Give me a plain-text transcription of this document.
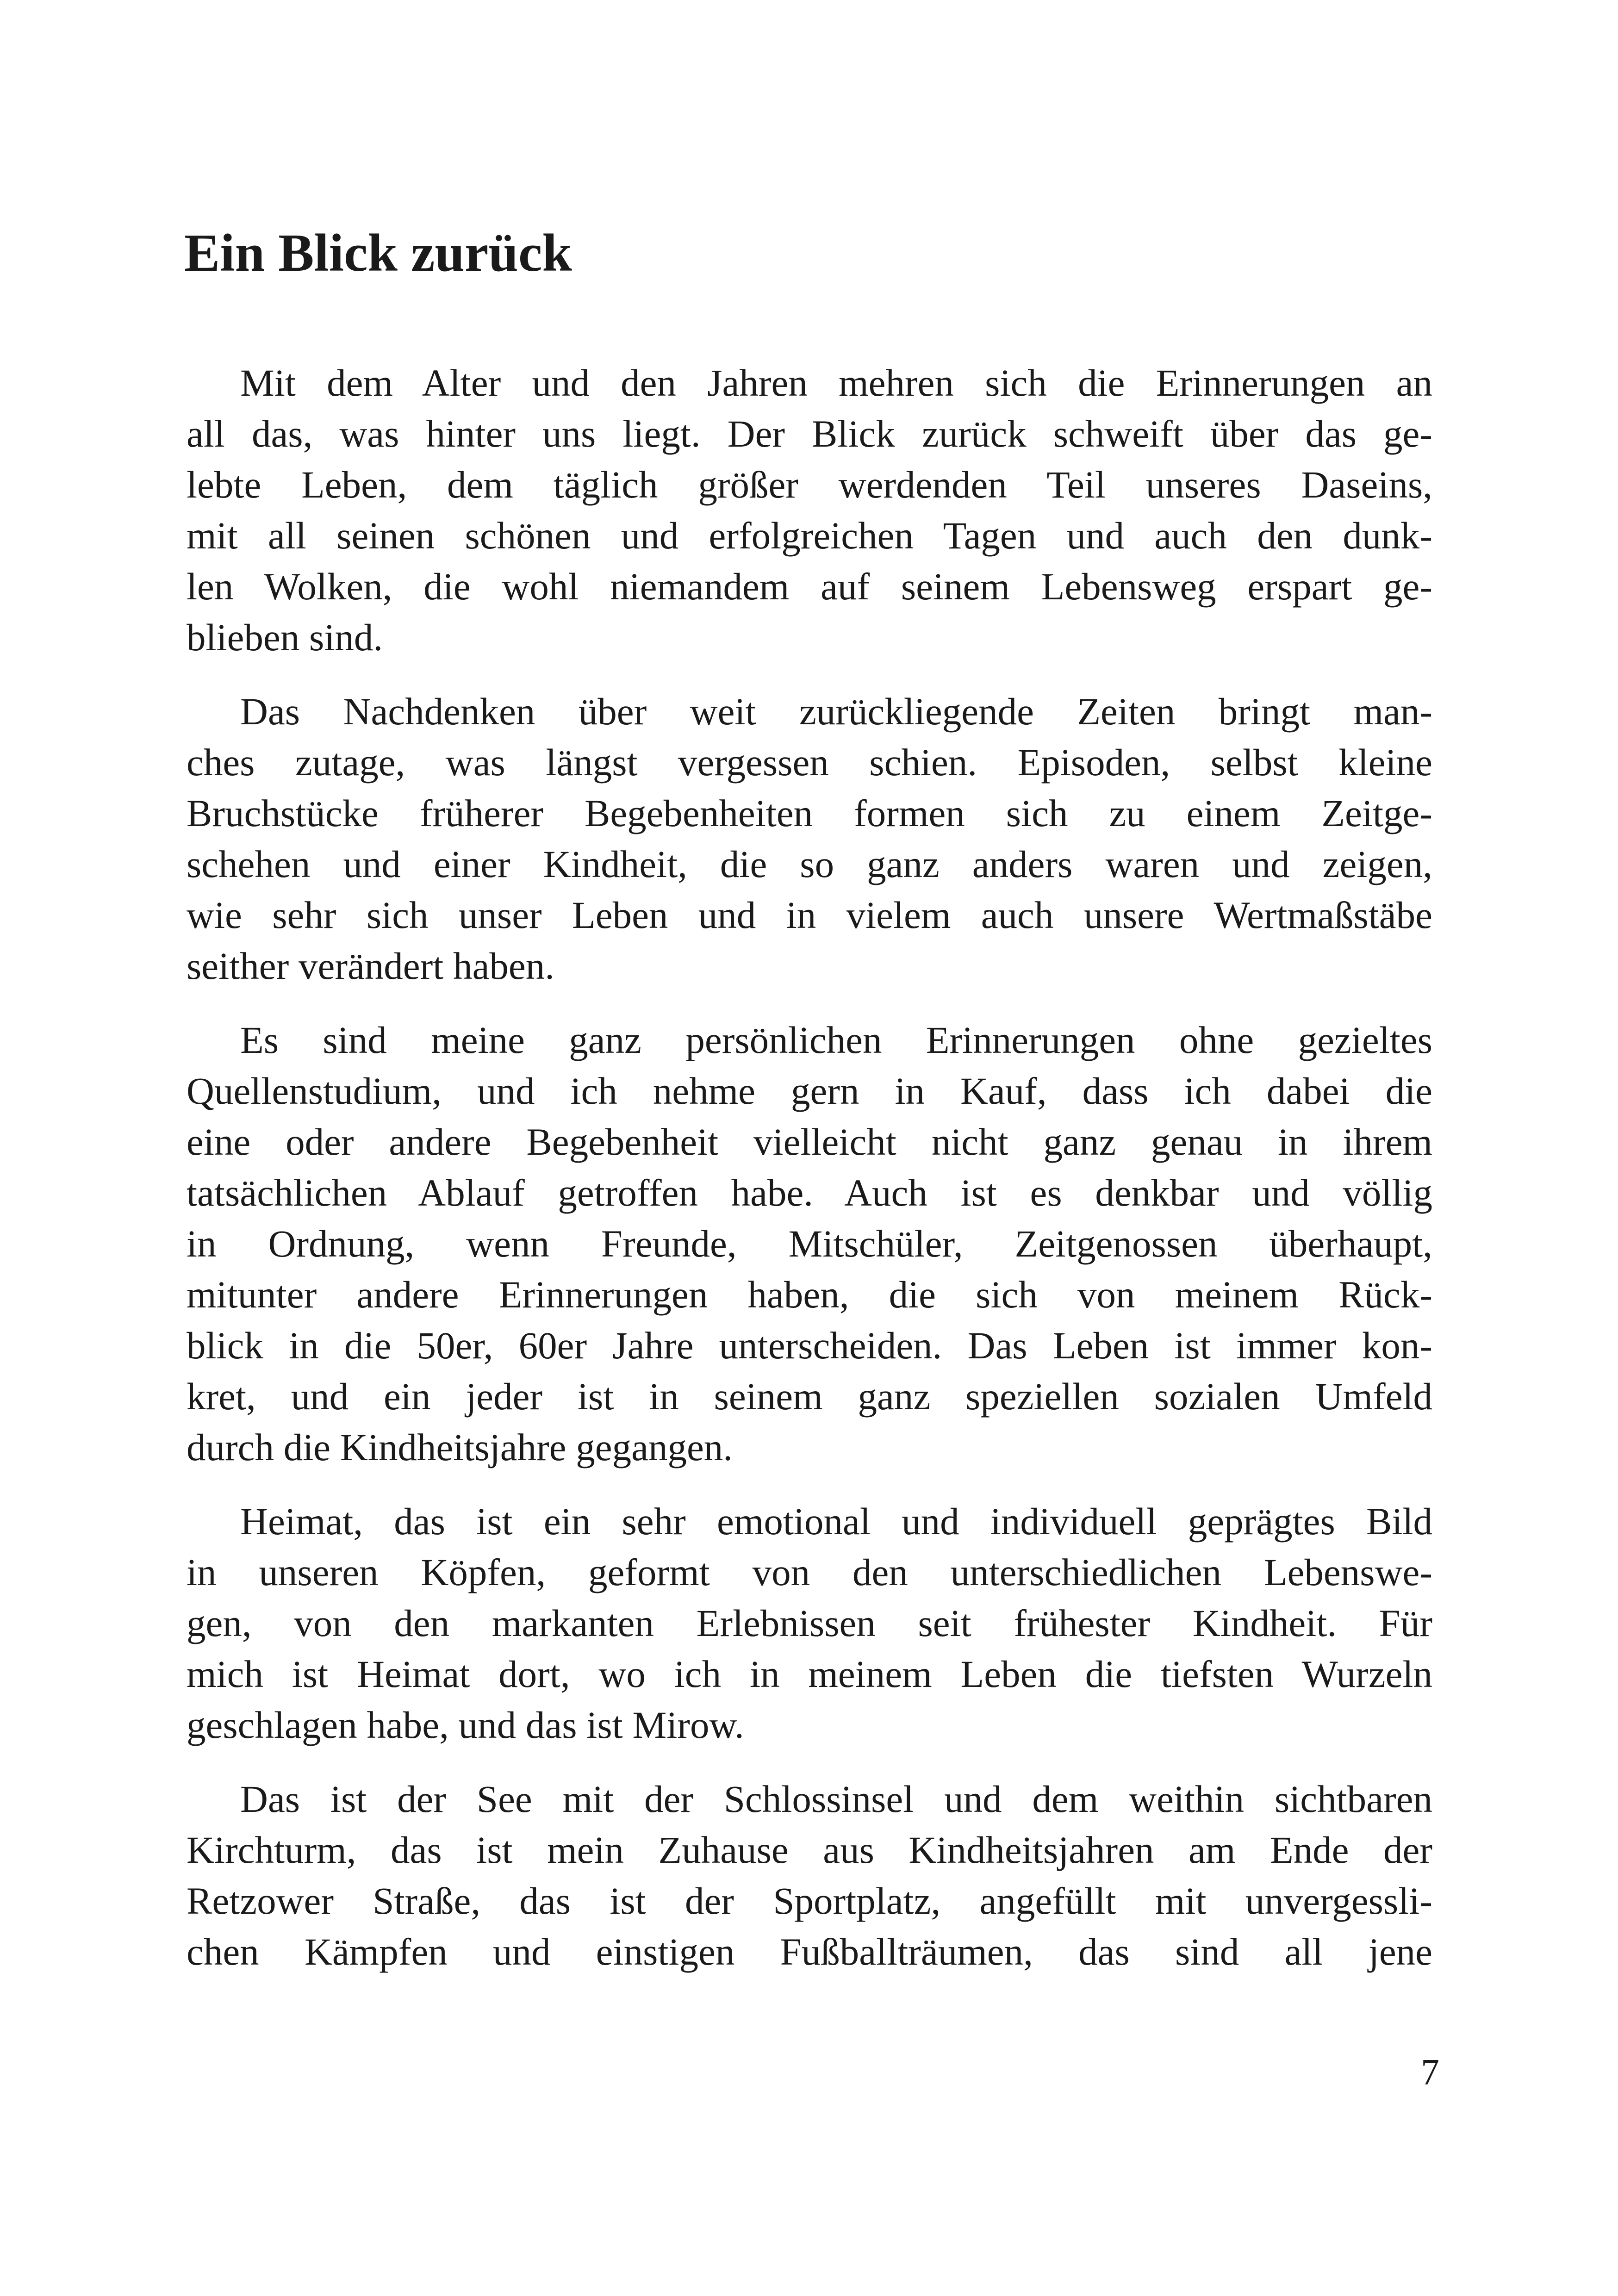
Ein Blick zurück

Mit dem Alter und den Jahren mehren sich die Erinnerungen an
all das, was hinter uns liegt. Der Blick zurück schweift über das ge-
lebte Leben, dem täglich größer werdenden Teil unseres Daseins,
mit all seinen schönen und erfolgreichen Tagen und auch den dunk-
len Wolken, die wohl niemandem auf seinem Lebensweg erspart ge-
blieben sind.

Das Nachdenken über weit zurückliegende Zeiten bringt man-
ches zutage, was längst vergessen schien. Episoden, selbst kleine
Bruchstücke früherer Begebenheiten formen sich zu einem Zeitge-
schehen und einer Kindheit, die so ganz anders waren und zeigen,
wie sehr sich unser Leben und in vielem auch unsere Wertmaßstäbe
seither verändert haben.

Es sind meine ganz persönlichen Erinnerungen ohne gezieltes
Quellenstudium, und ich nehme gern in Kauf, dass ich dabei die
eine oder andere Begebenheit vielleicht nicht ganz genau in ihrem
tatsächlichen Ablauf getroffen habe. Auch ist es denkbar und völlig
in Ordnung, wenn Freunde, Mitschüler, Zeitgenossen überhaupt,
mitunter andere Erinnerungen haben, die sich von meinem Rück-
blick in die 50er, 60er Jahre unterscheiden. Das Leben ist immer kon-
kret, und ein jeder ist in seinem ganz speziellen sozialen Umfeld
durch die Kindheitsjahre gegangen.

Heimat, das ist ein sehr emotional und individuell geprägtes Bild
in unseren Köpfen, geformt von den unterschiedlichen Lebenswe-
gen, von den markanten Erlebnissen seit frühester Kindheit. Für
mich ist Heimat dort, wo ich in meinem Leben die tiefsten Wurzeln
geschlagen habe, und das ist Mirow.

Das ist der See mit der Schlossinsel und dem weithin sichtbaren
Kirchturm, das ist mein Zuhause aus Kindheitsjahren am Ende der
Retzower Straße, das ist der Sportplatz, angefüllt mit unvergessli-
chen Kämpfen und einstigen Fußballträumen, das sind all jene

7
